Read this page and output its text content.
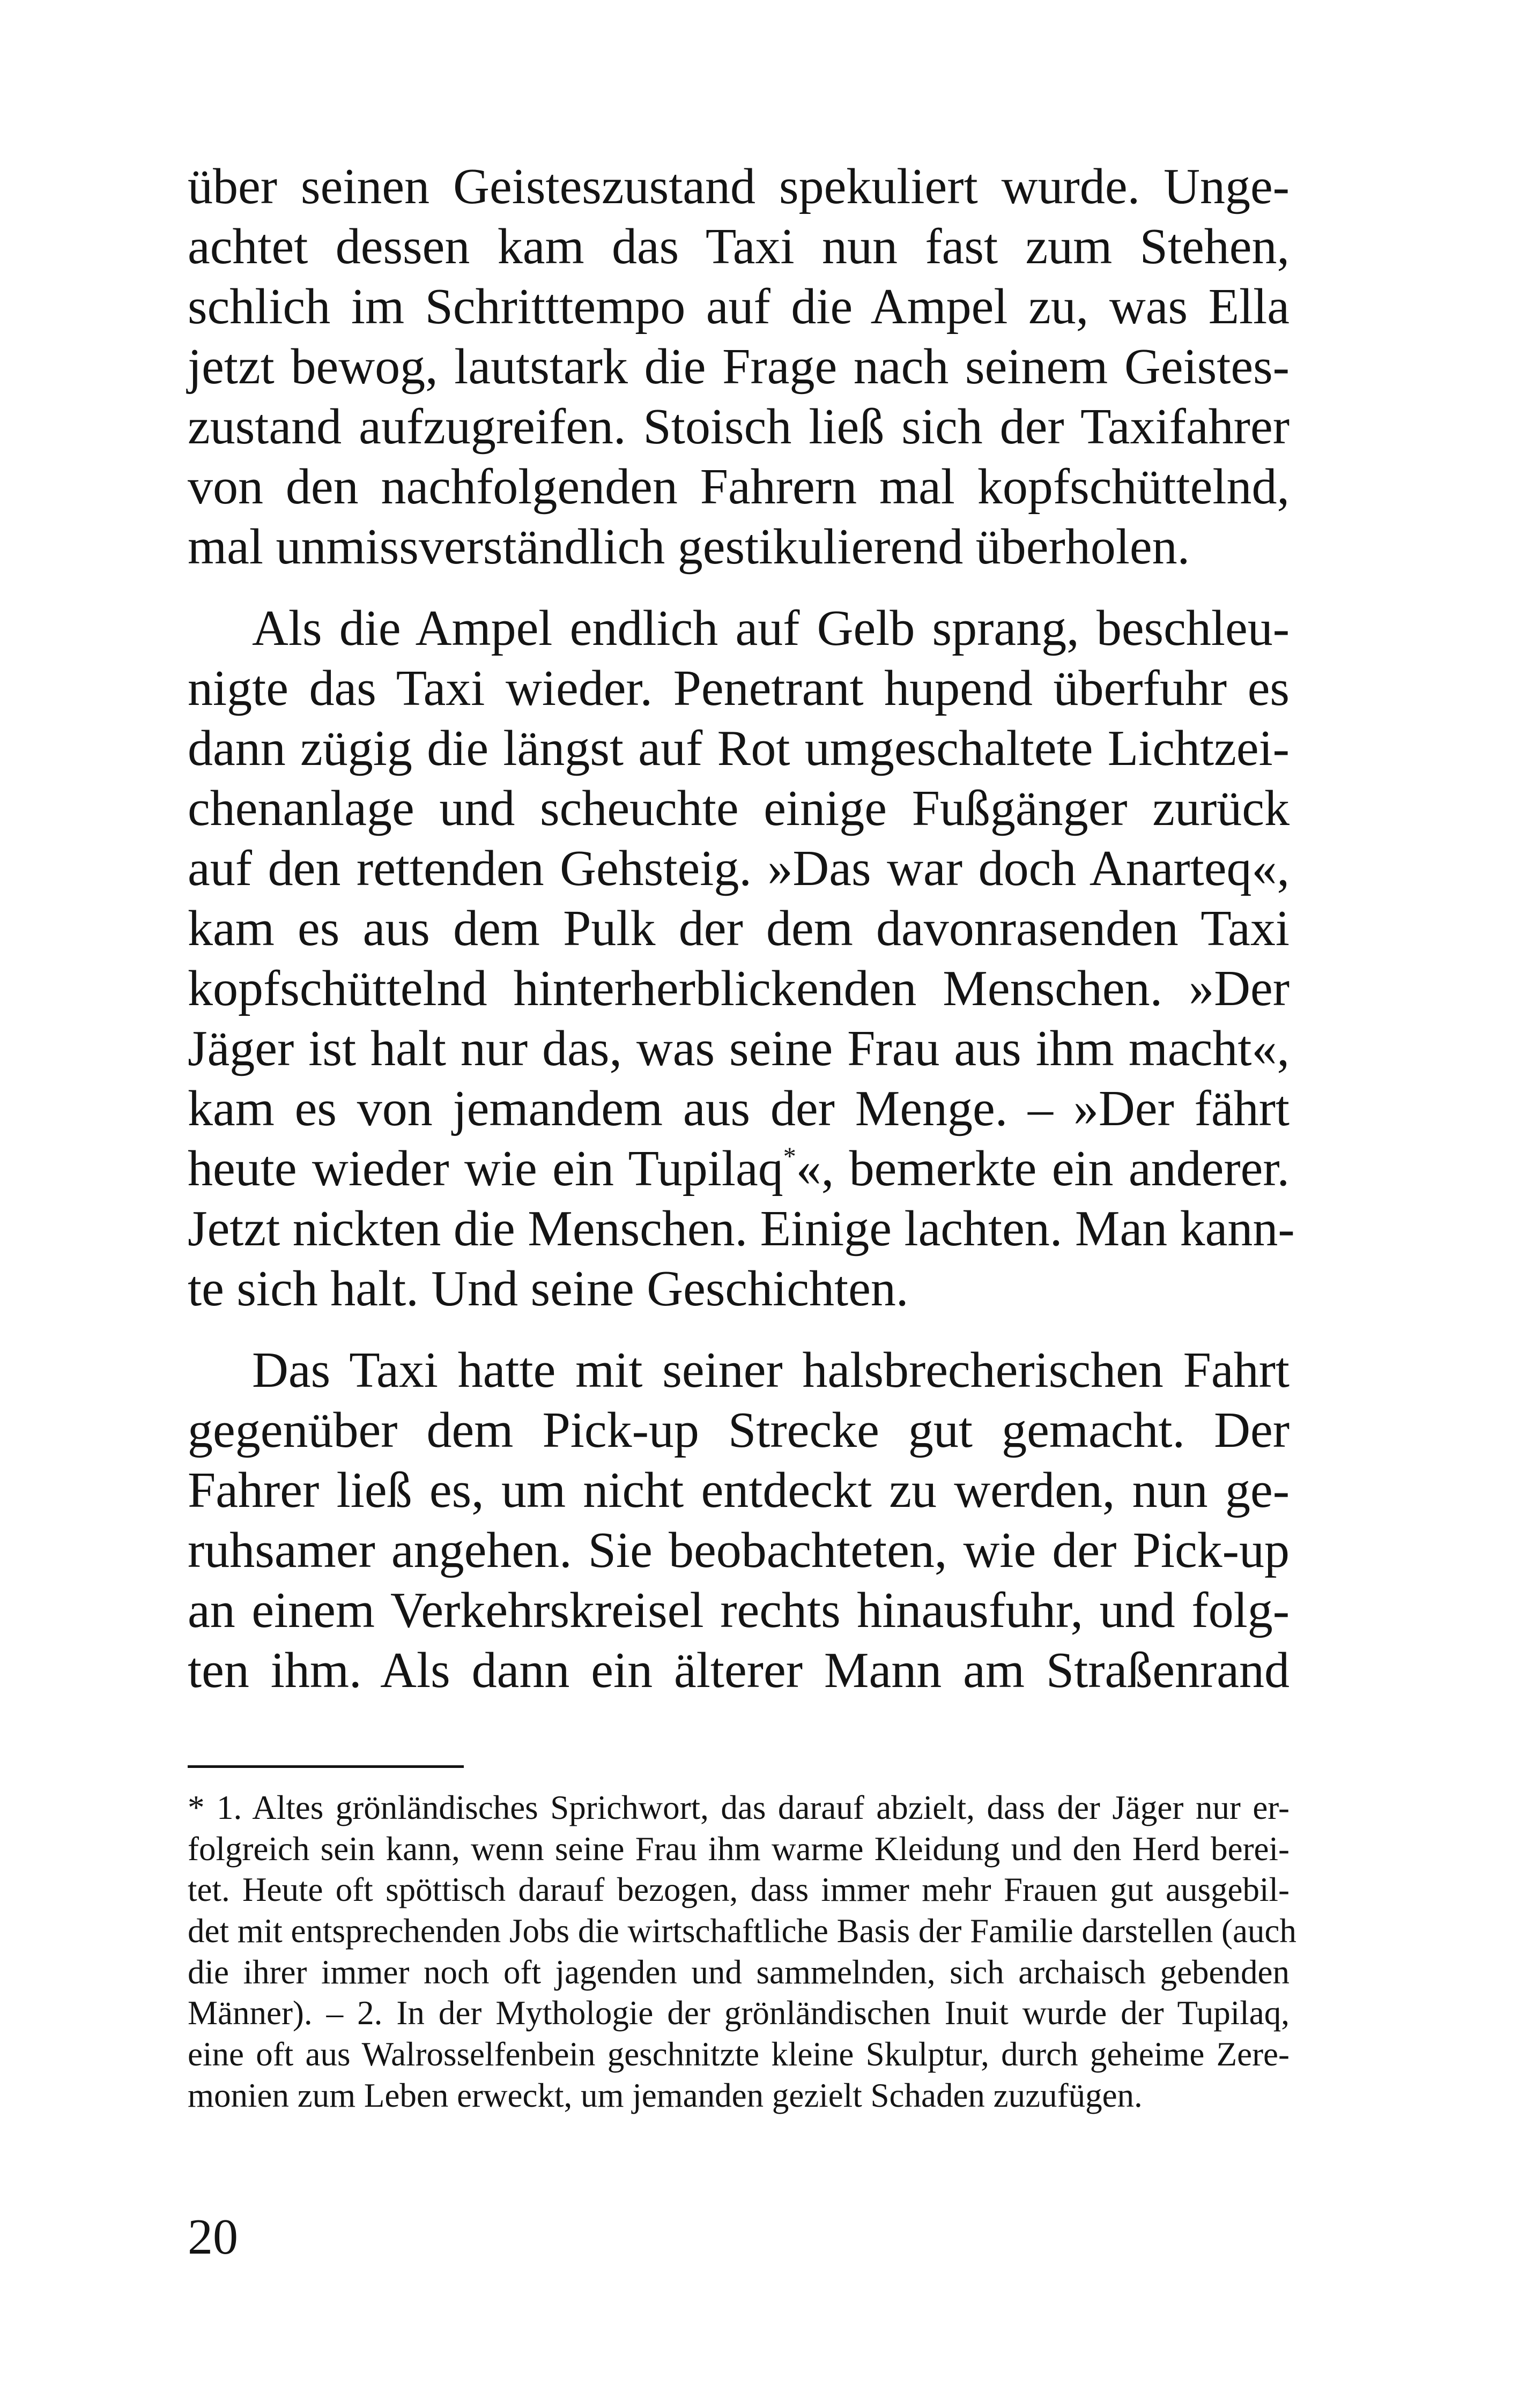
über seinen Geisteszustand spekuliert wurde. Unge-
achtet dessen kam das Taxi nun fast zum Stehen,
schlich im Schritttempo auf die Ampel zu, was Ella
jetzt bewog, lautstark die Frage nach seinem Geistes-
zustand aufzugreifen. Stoisch ließ sich der Taxifahrer
von den nachfolgenden Fahrern mal kopfschüttelnd,
mal unmissverständlich gestikulierend überholen.
Als die Ampel endlich auf Gelb sprang, beschleu-
nigte das Taxi wieder. Penetrant hupend überfuhr es
dann zügig die längst auf Rot umgeschaltete Lichtzei-
chenanlage und scheuchte einige Fußgänger zurück
auf den rettenden Gehsteig. »Das war doch Anarteq«,
kam es aus dem Pulk der dem davonrasenden Taxi
kopfschüttelnd hinterherblickenden Menschen. »Der
Jäger ist halt nur das, was seine Frau aus ihm macht«,
kam es von jemandem aus der Menge. – »Der fährt
heute wieder wie ein Tupilaq*«, bemerkte ein anderer.
Jetzt nickten die Menschen. Einige lachten. Man kann-
te sich halt. Und seine Geschichten.
Das Taxi hatte mit seiner halsbrecherischen Fahrt
gegenüber dem Pick-up Strecke gut gemacht. Der
Fahrer ließ es, um nicht entdeckt zu werden, nun ge-
ruhsamer angehen. Sie beobachteten, wie der Pick-up
an einem Verkehrskreisel rechts hinausfuhr, und folg-
ten ihm. Als dann ein älterer Mann am Straßenrand
* 1. Altes grönländisches Sprichwort, das darauf abzielt, dass der Jäger nur er-
folgreich sein kann, wenn seine Frau ihm warme Kleidung und den Herd berei-
tet. Heute oft spöttisch darauf bezogen, dass immer mehr Frauen gut ausgebil-
det mit entsprechenden Jobs die wirtschaftliche Basis der Familie darstellen (auch
die ihrer immer noch oft jagenden und sammelnden, sich archaisch gebenden
Männer). – 2. In der Mythologie der grönländischen Inuit wurde der Tupilaq,
eine oft aus Walrosselfenbein geschnitzte kleine Skulptur, durch geheime Zere-
monien zum Leben erweckt, um jemanden gezielt Schaden zuzufügen.
20
